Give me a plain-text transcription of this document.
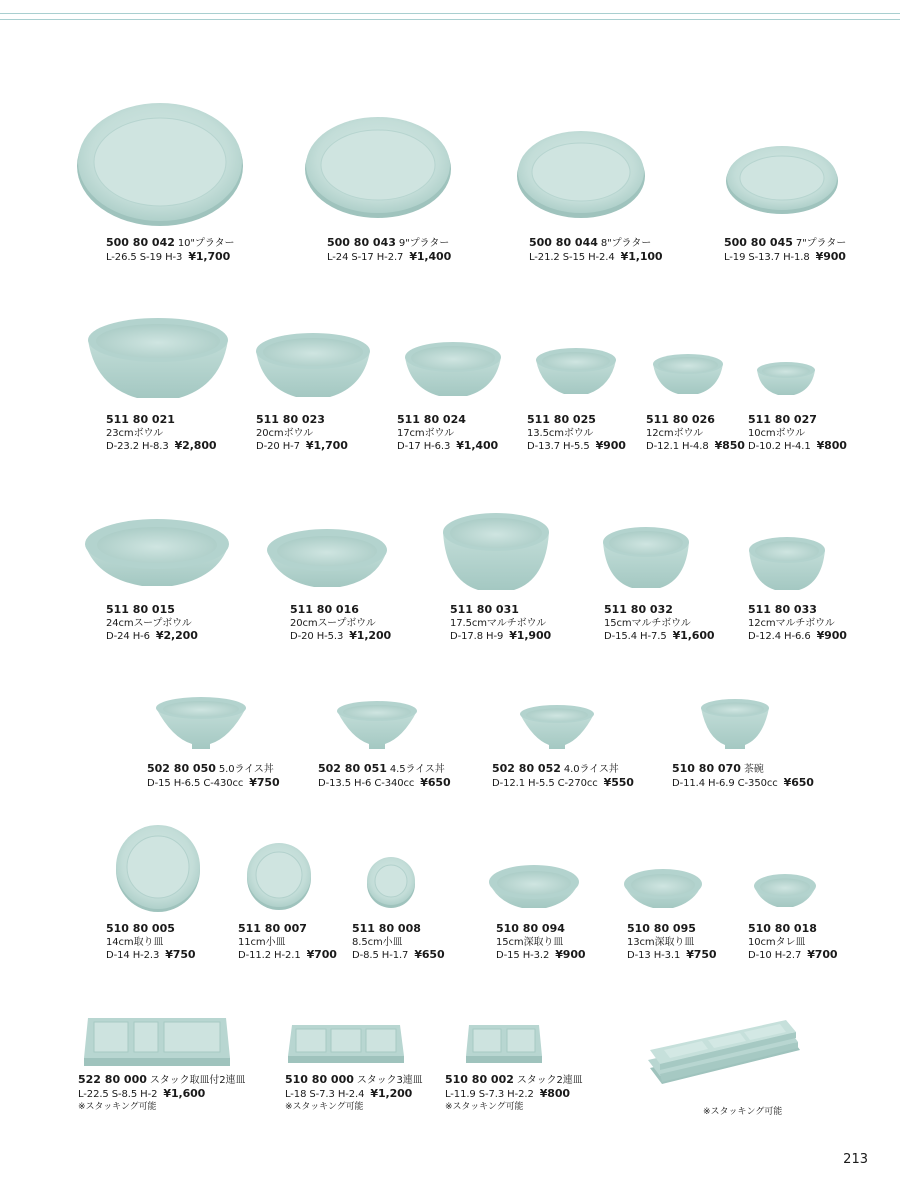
500 80 042 10"プラター
L-26.5 S-19 H-3 ¥1,700
500 80 043 9"プラター
L-24 S-17 H-2.7 ¥1,400
500 80 044 8"プラター
L-21.2 S-15 H-2.4 ¥1,100
500 80 045 7"プラター
L-19 S-13.7 H-1.8 ¥900
511 80 021
23cmボウル
D-23.2 H-8.3 ¥2,800
511 80 023
20cmボウル
D-20 H-7 ¥1,700
511 80 024
17cmボウル
D-17 H-6.3 ¥1,400
511 80 025
13.5cmボウル
D-13.7 H-5.5 ¥900
511 80 026
12cmボウル
D-12.1 H-4.8 ¥850
511 80 027
10cmボウル
D-10.2 H-4.1 ¥800
511 80 015
24cmスープボウル
D-24 H-6 ¥2,200
511 80 016
20cmスープボウル
D-20 H-5.3 ¥1,200
511 80 031
17.5cmマルチボウル
D-17.8 H-9 ¥1,900
511 80 032
15cmマルチボウル
D-15.4 H-7.5 ¥1,600
511 80 033
12cmマルチボウル
D-12.4 H-6.6 ¥900
502 80 050 5.0ライス丼
D-15 H-6.5 C-430cc ¥750
502 80 051 4.5ライス丼
D-13.5 H-6 C-340cc ¥650
502 80 052 4.0ライス丼
D-12.1 H-5.5 C-270cc ¥550
510 80 070 茶碗
D-11.4 H-6.9 C-350cc ¥650
510 80 005
14cm取り皿
D-14 H-2.3 ¥750
511 80 007
11cm小皿
D-11.2 H-2.1 ¥700
511 80 008
8.5cm小皿
D-8.5 H-1.7 ¥650
510 80 094
15cm深取り皿
D-15 H-3.2 ¥900
510 80 095
13cm深取り皿
D-13 H-3.1 ¥750
510 80 018
10cmタレ皿
D-10 H-2.7 ¥700
522 80 000 スタック取皿付2連皿
L-22.5 S-8.5 H-2 ¥1,600
※スタッキング可能
510 80 000 スタック3連皿
L-18 S-7.3 H-2.4 ¥1,200
※スタッキング可能
510 80 002 スタック2連皿
L-11.9 S-7.3 H-2.2 ¥800
※スタッキング可能	※スタッキング可能
213
